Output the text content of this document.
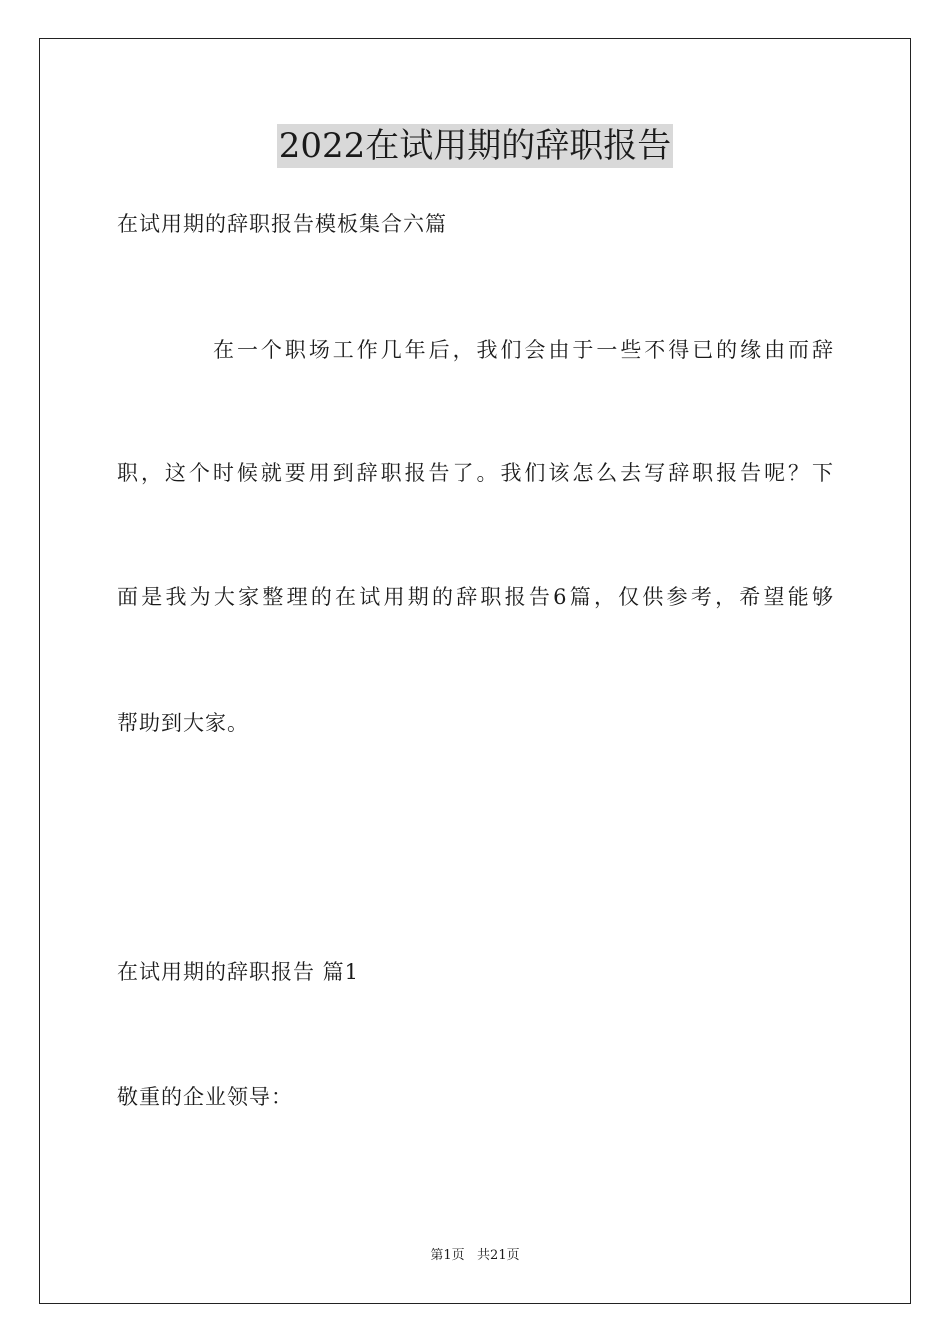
2022在试用期的辞职报告
在试用期的辞职报告模板集合六篇
在一个职场工作几年后，我们会由于一些不得已的缘由而辞
职，这个时候就要用到辞职报告了。我们该怎么去写辞职报告呢？下
面是我为大家整理的在试用期的辞职报告6篇，仅供参考，希望能够
帮助到大家。
在试用期的辞职报告 篇1
敬重的企业领导：
第1页   共21页
